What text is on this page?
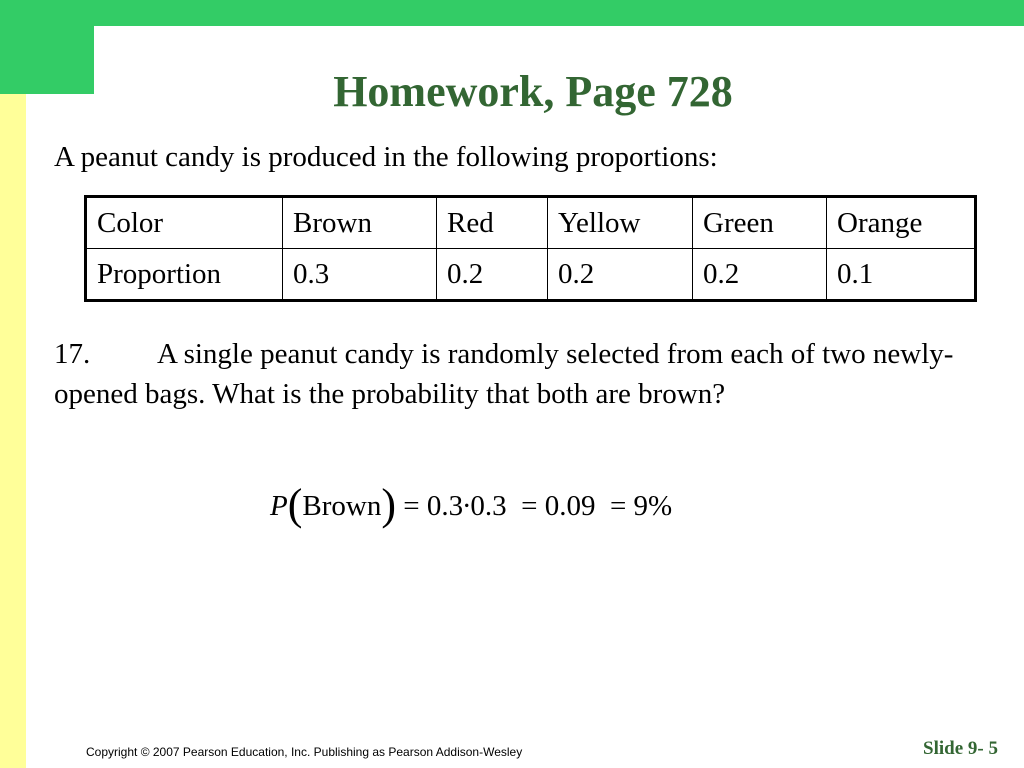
Homework, Page 728
A peanut candy is produced in the following proportions:
Color	Brown	Red	Yellow	Green	Orange
Proportion	0.3	0.2	0.2	0.2	0.1
17. A single peanut candy is randomly selected from each of two newly-opened bags. What is the probability that both are brown?
P(Brown) = 0.3∙0.3 = 0.09 = 9%
Copyright © 2007 Pearson Education, Inc. Publishing as Pearson Addison-Wesley	Slide 9- 5
